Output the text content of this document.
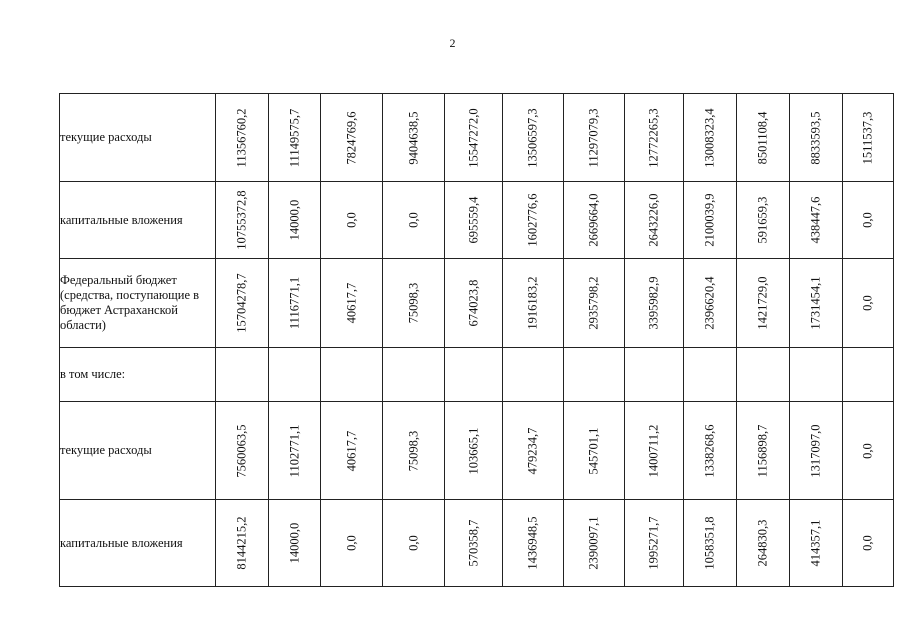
2
текущие расходы	11356760,2	11149575,7	7824769,6	9404638,5	15547272,0	13506597,3	11297079,3	12772265,3	13008323,4	8501108,4	8833593,5	1511537,3

капитальные вложения	10755372,8	14000,0	0,0	0,0	695559,4	1602776,6	2669664,0	2643226,0	2100039,9	591659,3	438447,6	0,0

Федеральный бюджет (средства, поступающие в бюджет Астраханской области)	15704278,7	1116771,1	40617,7	75098,3	674023,8	1916183,2	2935798,2	3395982,9	2396620,4	1421729,0	1731454,1	0,0

в том числе:	

текущие расходы	7560063,5	1102771,1	40617,7	75098,3	103665,1	479234,7	545701,1	1400711,2	1338268,6	1156898,7	1317097,0	0,0

капитальные вложения	8144215,2	14000,0	0,0	0,0	570358,7	1436948,5	2390097,1	1995271,7	1058351,8	264830,3	414357,1	0,0
